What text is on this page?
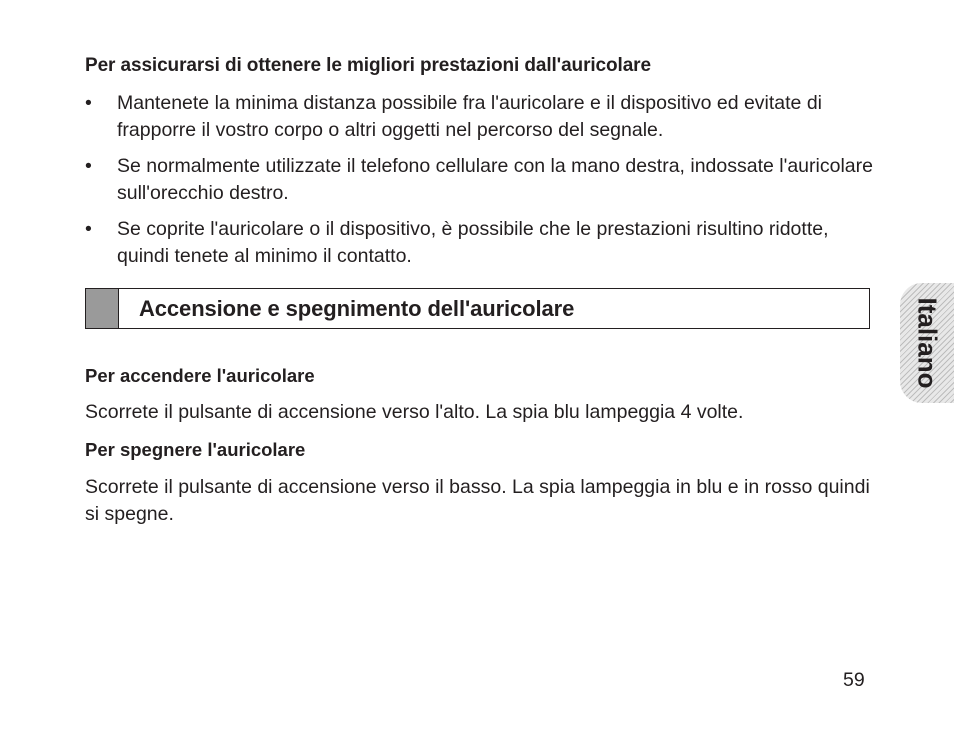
Per assicurarsi di ottenere le migliori prestazioni dall'auricolare
• Mantenete la minima distanza possibile fra l'auricolare e il dispositivo ed evitate di frapporre il vostro corpo o altri oggetti nel percorso del segnale.
• Se normalmente utilizzate il telefono cellulare con la mano destra, indossate l'auricolare sull'orecchio destro.
• Se coprite l'auricolare o il dispositivo, è possibile che le prestazioni risultino ridotte, quindi tenete al minimo il contatto.
Accensione e spegnimento dell'auricolare
Per accendere l'auricolare
Scorrete il pulsante di accensione verso l'alto. La spia blu lampeggia 4 volte.
Per spegnere l'auricolare
Scorrete il pulsante di accensione verso il basso. La spia lampeggia in blu e in rosso quindi si spegne.
Italiano
59
